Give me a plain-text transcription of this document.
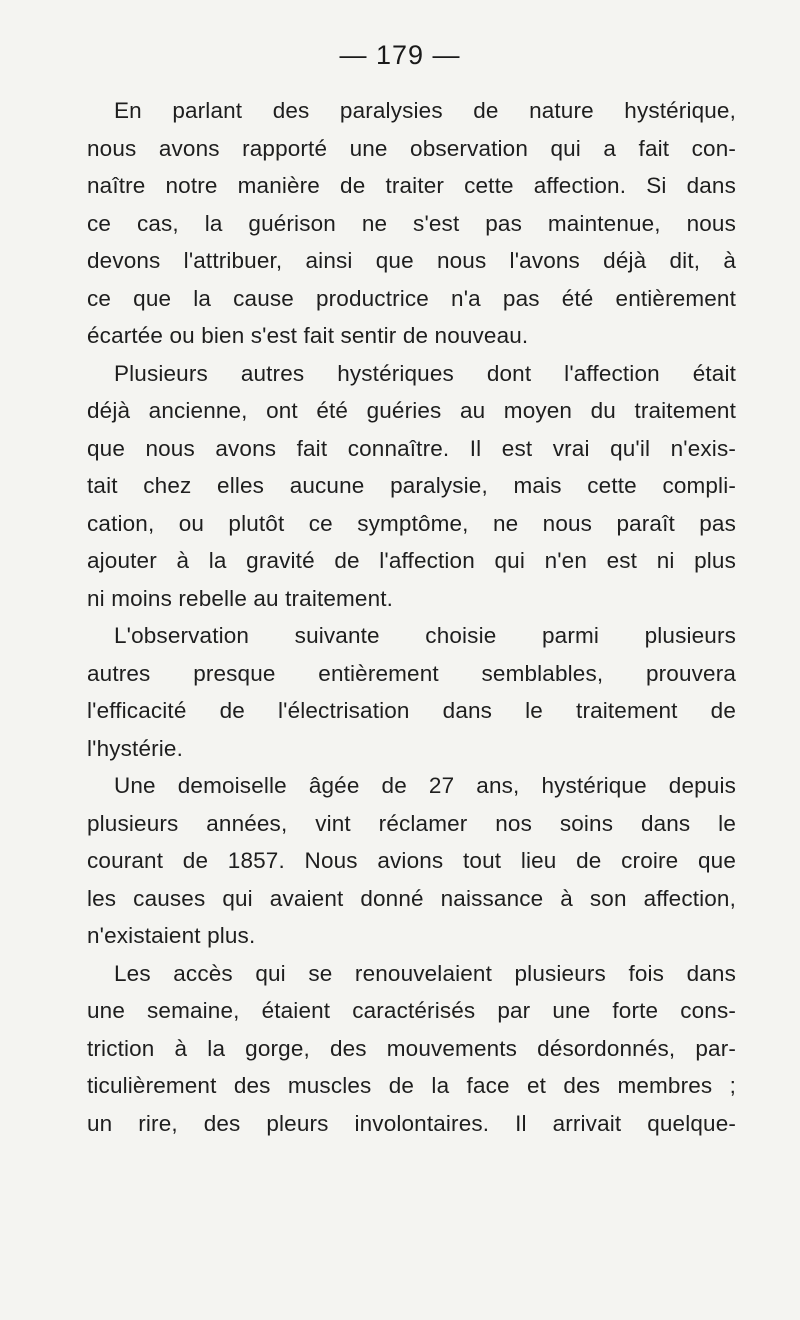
— 179 —
En parlant des paralysies de nature hystérique,
nous avons rapporté une observation qui a fait con-
naître notre manière de traiter cette affection. Si dans
ce cas, la guérison ne s'est pas maintenue, nous
devons l'attribuer, ainsi que nous l'avons déjà dit, à
ce que la cause productrice n'a pas été entièrement
écartée ou bien s'est fait sentir de nouveau.
Plusieurs autres hystériques dont l'affection était
déjà ancienne, ont été guéries au moyen du traitement
que nous avons fait connaître. Il est vrai qu'il n'exis-
tait chez elles aucune paralysie, mais cette compli-
cation, ou plutôt ce symptôme, ne nous paraît pas
ajouter à la gravité de l'affection qui n'en est ni plus
ni moins rebelle au traitement.
L'observation suivante choisie parmi plusieurs
autres presque entièrement semblables, prouvera
l'efficacité de l'électrisation dans le traitement de
l'hystérie.
Une demoiselle âgée de 27 ans, hystérique depuis
plusieurs années, vint réclamer nos soins dans le
courant de 1857. Nous avions tout lieu de croire que
les causes qui avaient donné naissance à son affection,
n'existaient plus.
Les accès qui se renouvelaient plusieurs fois dans
une semaine, étaient caractérisés par une forte cons-
triction à la gorge, des mouvements désordonnés, par-
ticulièrement des muscles de la face et des membres ;
un rire, des pleurs involontaires. Il arrivait quelque-
